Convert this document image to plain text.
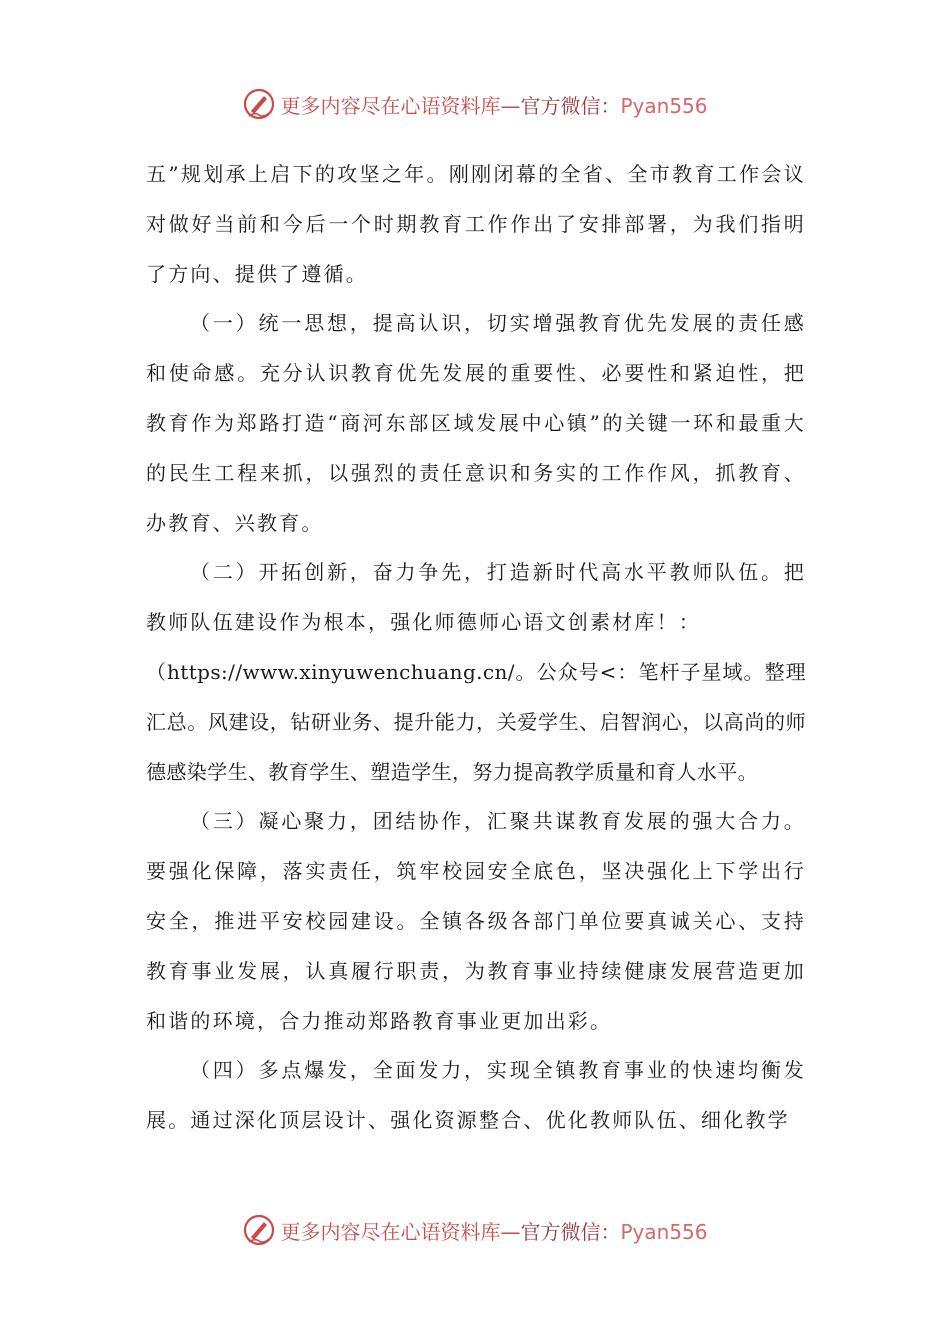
更多内容尽在心语资料库—官方微信：Pyan556

五”规划承上启下的攻坚之年。刚刚闭幕的全省、全市教育工作会议对做好当前和今后一个时期教育工作作出了安排部署，为我们指明了方向、提供了遵循。

（一）统一思想，提高认识，切实增强教育优先发展的责任感和使命感。充分认识教育优先发展的重要性、必要性和紧迫性，把教育作为郑路打造“商河东部区域发展中心镇”的关键一环和最重大的民生工程来抓，以强烈的责任意识和务实的工作作风，抓教育、办教育、兴教育。

（二）开拓创新，奋力争先，打造新时代高水平教师队伍。把教师队伍建设作为根本，强化师德师心语文创素材库！：

（https://www.xinyuwenchuang.cn/。公众号<：笔杆子星域。整理汇总。风建设，钻研业务、提升能力，关爱学生、启智润心，以高尚的师德感染学生、教育学生、塑造学生，努力提高教学质量和育人水平。

（三）凝心聚力，团结协作，汇聚共谋教育发展的强大合力。要强化保障，落实责任，筑牢校园安全底色，坚决强化上下学出行安全，推进平安校园建设。全镇各级各部门单位要真诚关心、支持教育事业发展，认真履行职责，为教育事业持续健康发展营造更加和谐的环境，合力推动郑路教育事业更加出彩。

（四）多点爆发，全面发力，实现全镇教育事业的快速均衡发展。通过深化顶层设计、强化资源整合、优化教师队伍、细化教学

更多内容尽在心语资料库—官方微信：Pyan556
